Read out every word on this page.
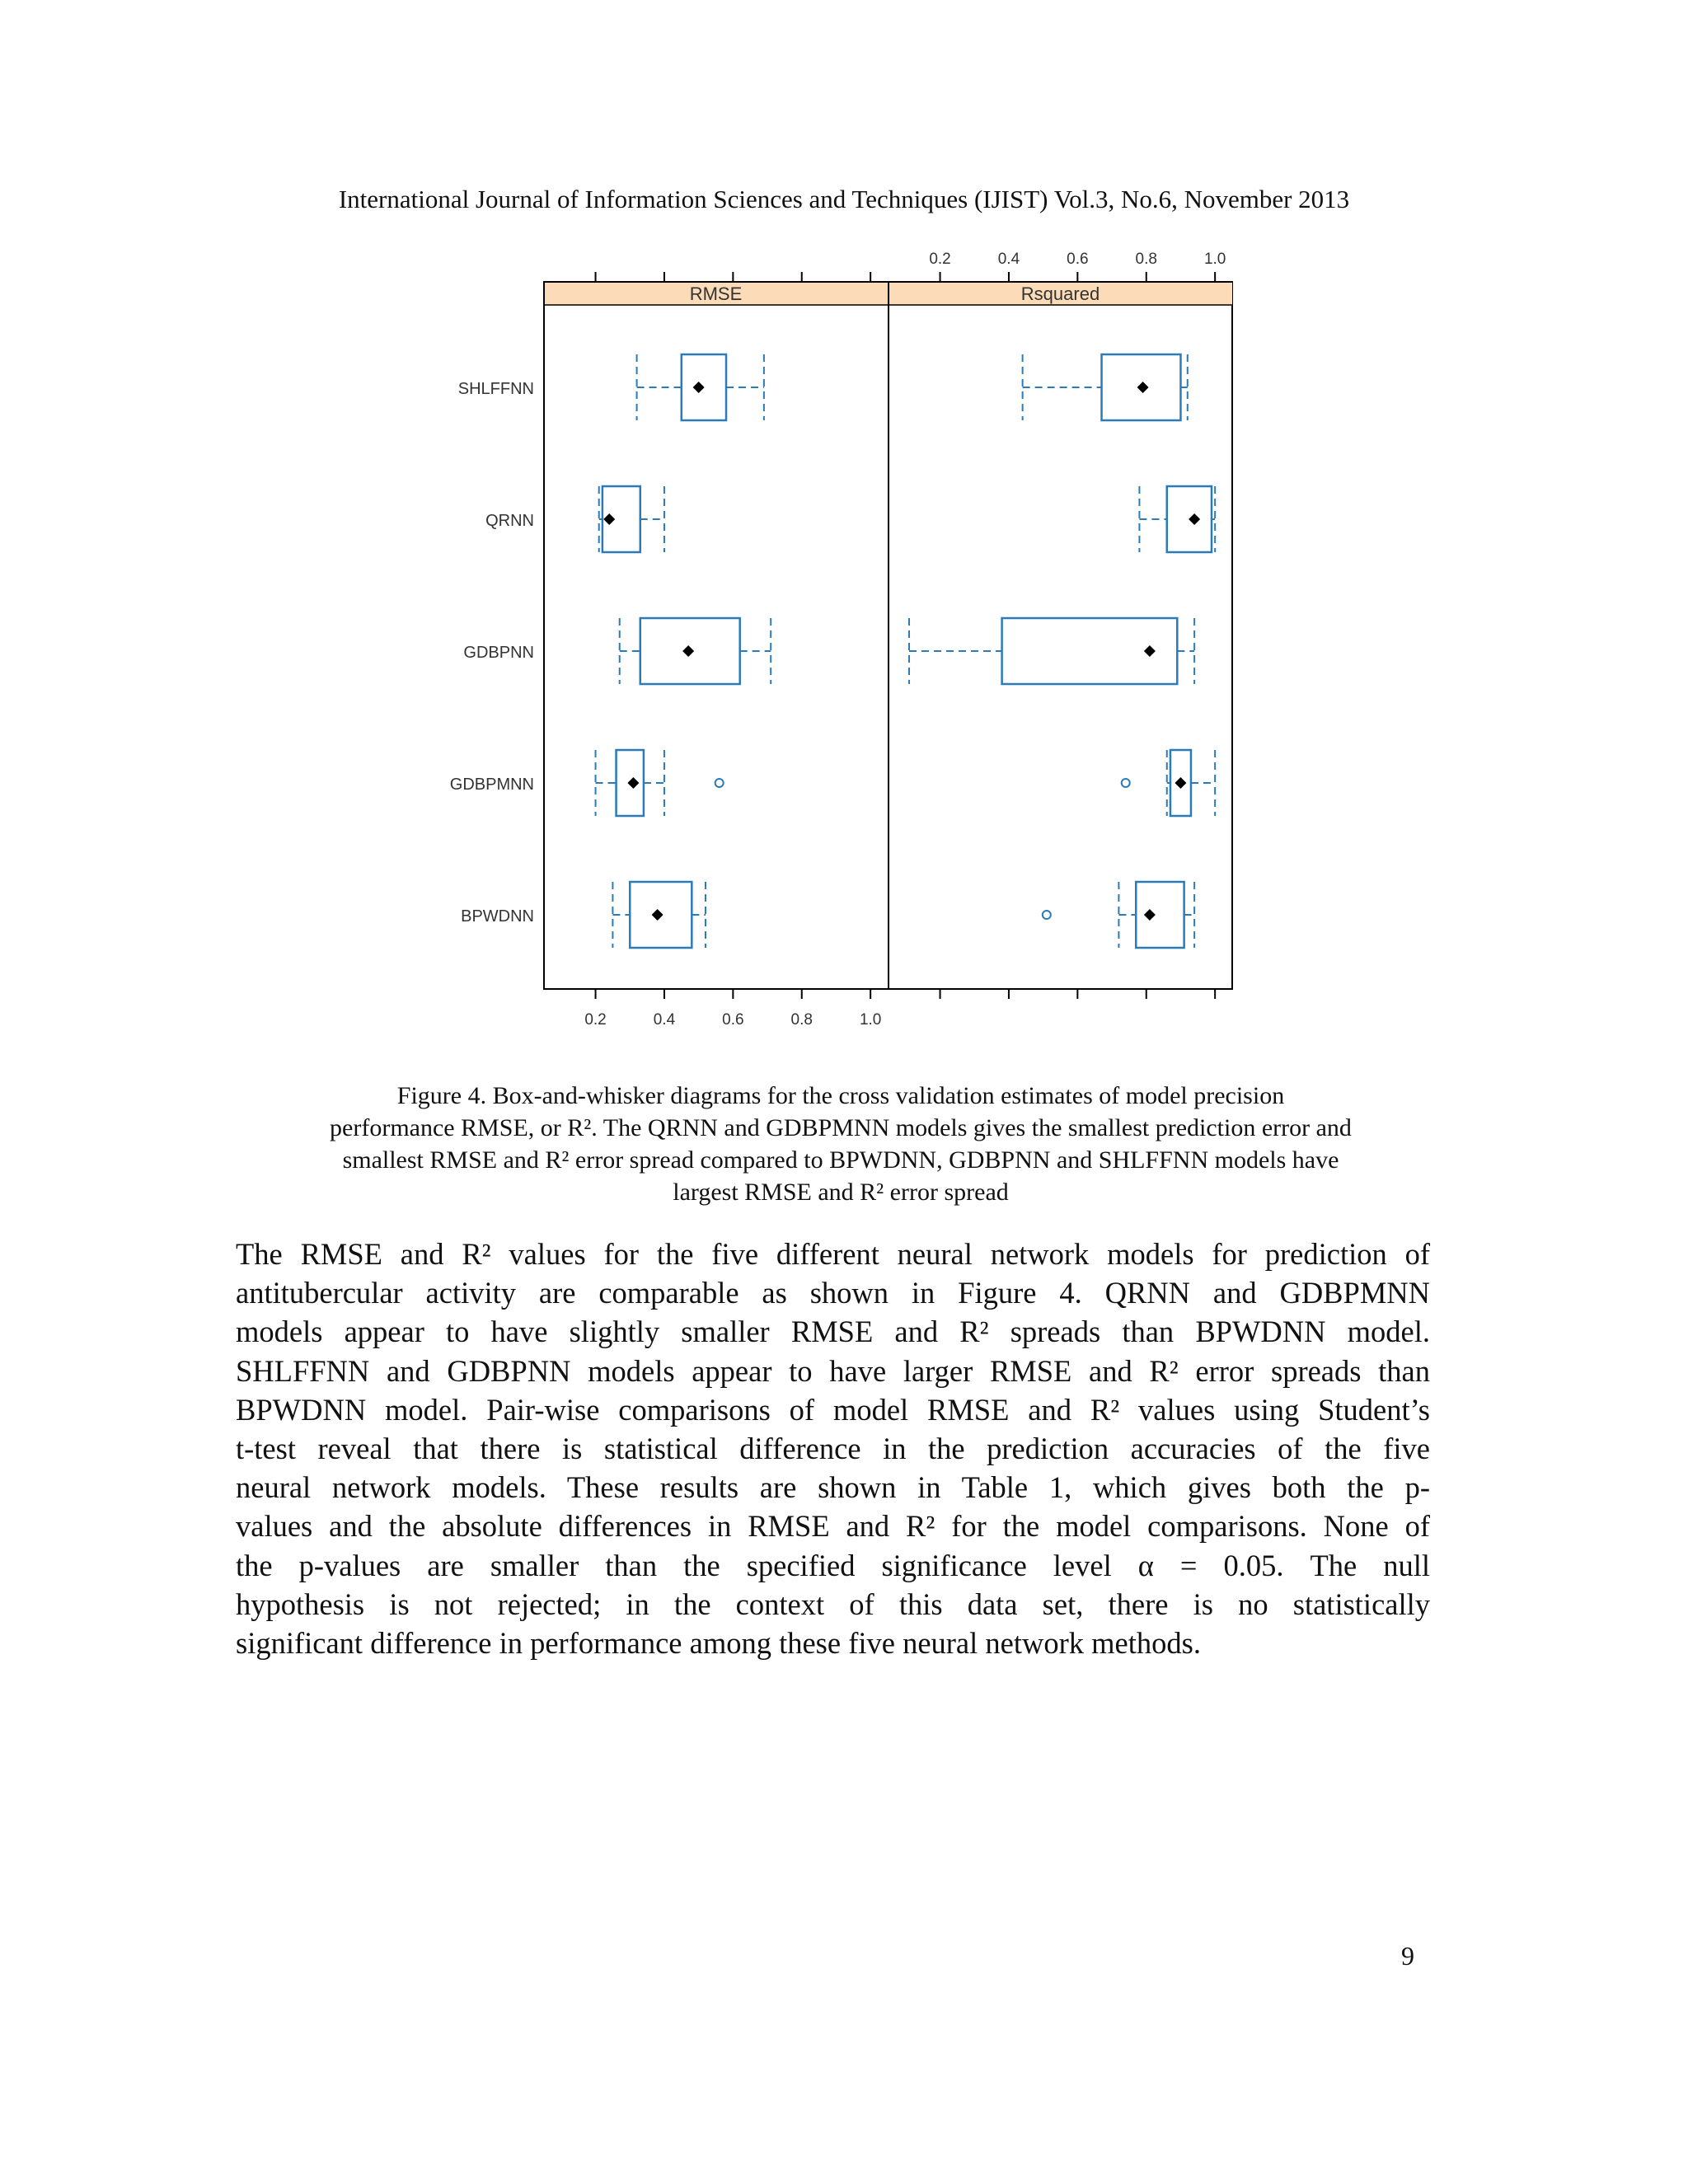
International Journal of Information Sciences and Techniques (IJIST) Vol.3, No.6, November 2013
SHLFFNN
QRNN
GDBPNN
GDBPMNN
BPWDNN
RMSE
0.2	0.4	0.6	0.8	1.0
Rsquared
0.2	0.4	0.6	0.8	1.0
Figure 4. Box-and-whisker diagrams for the cross validation estimates of model precision
performance RMSE, or R². The QRNN and GDBPMNN models gives the smallest prediction error and
smallest RMSE and R² error spread compared to BPWDNN, GDBPNN and SHLFFNN models have
largest RMSE and R² error spread
The RMSE and R² values for the five different neural network models for prediction of
antitubercular activity are comparable as shown in Figure 4. QRNN and GDBPMNN
models appear to have slightly smaller RMSE and R² spreads than BPWDNN model.
SHLFFNN and GDBPNN models appear to have larger RMSE and R² error spreads than
BPWDNN model. Pair-wise comparisons of model RMSE and R² values using Student’s
t-test reveal that there is statistical difference in the prediction accuracies of the five
neural network models. These results are shown in Table 1, which gives both the p-
values and the absolute differences in RMSE and R² for the model comparisons. None of
the p-values are smaller than the specified significance level α = 0.05. The null
hypothesis is not rejected; in the context of this data set, there is no statistically
significant difference in performance among these five neural network methods.
9
